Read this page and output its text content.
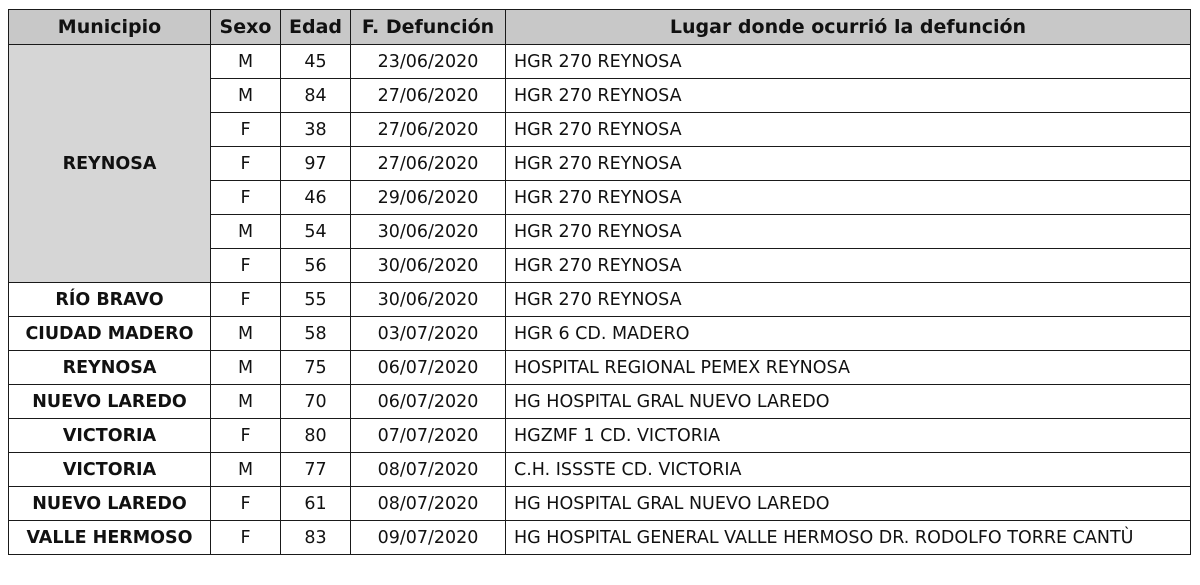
Municipio	Sexo	Edad	F. Defunción	Lugar donde ocurrió la defunción
REYNOSA	M	45	23/06/2020	HGR 270 REYNOSA
	M	84	27/06/2020	HGR 270 REYNOSA
	F	38	27/06/2020	HGR 270 REYNOSA
	F	97	27/06/2020	HGR 270 REYNOSA
	F	46	29/06/2020	HGR 270 REYNOSA
	M	54	30/06/2020	HGR 270 REYNOSA
	F	56	30/06/2020	HGR 270 REYNOSA
RÍO BRAVO	F	55	30/06/2020	HGR 270 REYNOSA
CIUDAD MADERO	M	58	03/07/2020	HGR 6 CD. MADERO
REYNOSA	M	75	06/07/2020	HOSPITAL REGIONAL PEMEX REYNOSA
NUEVO LAREDO	M	70	06/07/2020	HG HOSPITAL GRAL NUEVO LAREDO
VICTORIA	F	80	07/07/2020	HGZMF 1 CD. VICTORIA
VICTORIA	M	77	08/07/2020	C.H. ISSSTE CD. VICTORIA
NUEVO LAREDO	F	61	08/07/2020	HG HOSPITAL GRAL NUEVO LAREDO
VALLE HERMOSO	F	83	09/07/2020	HG HOSPITAL GENERAL VALLE HERMOSO DR. RODOLFO TORRE CANTÙ
